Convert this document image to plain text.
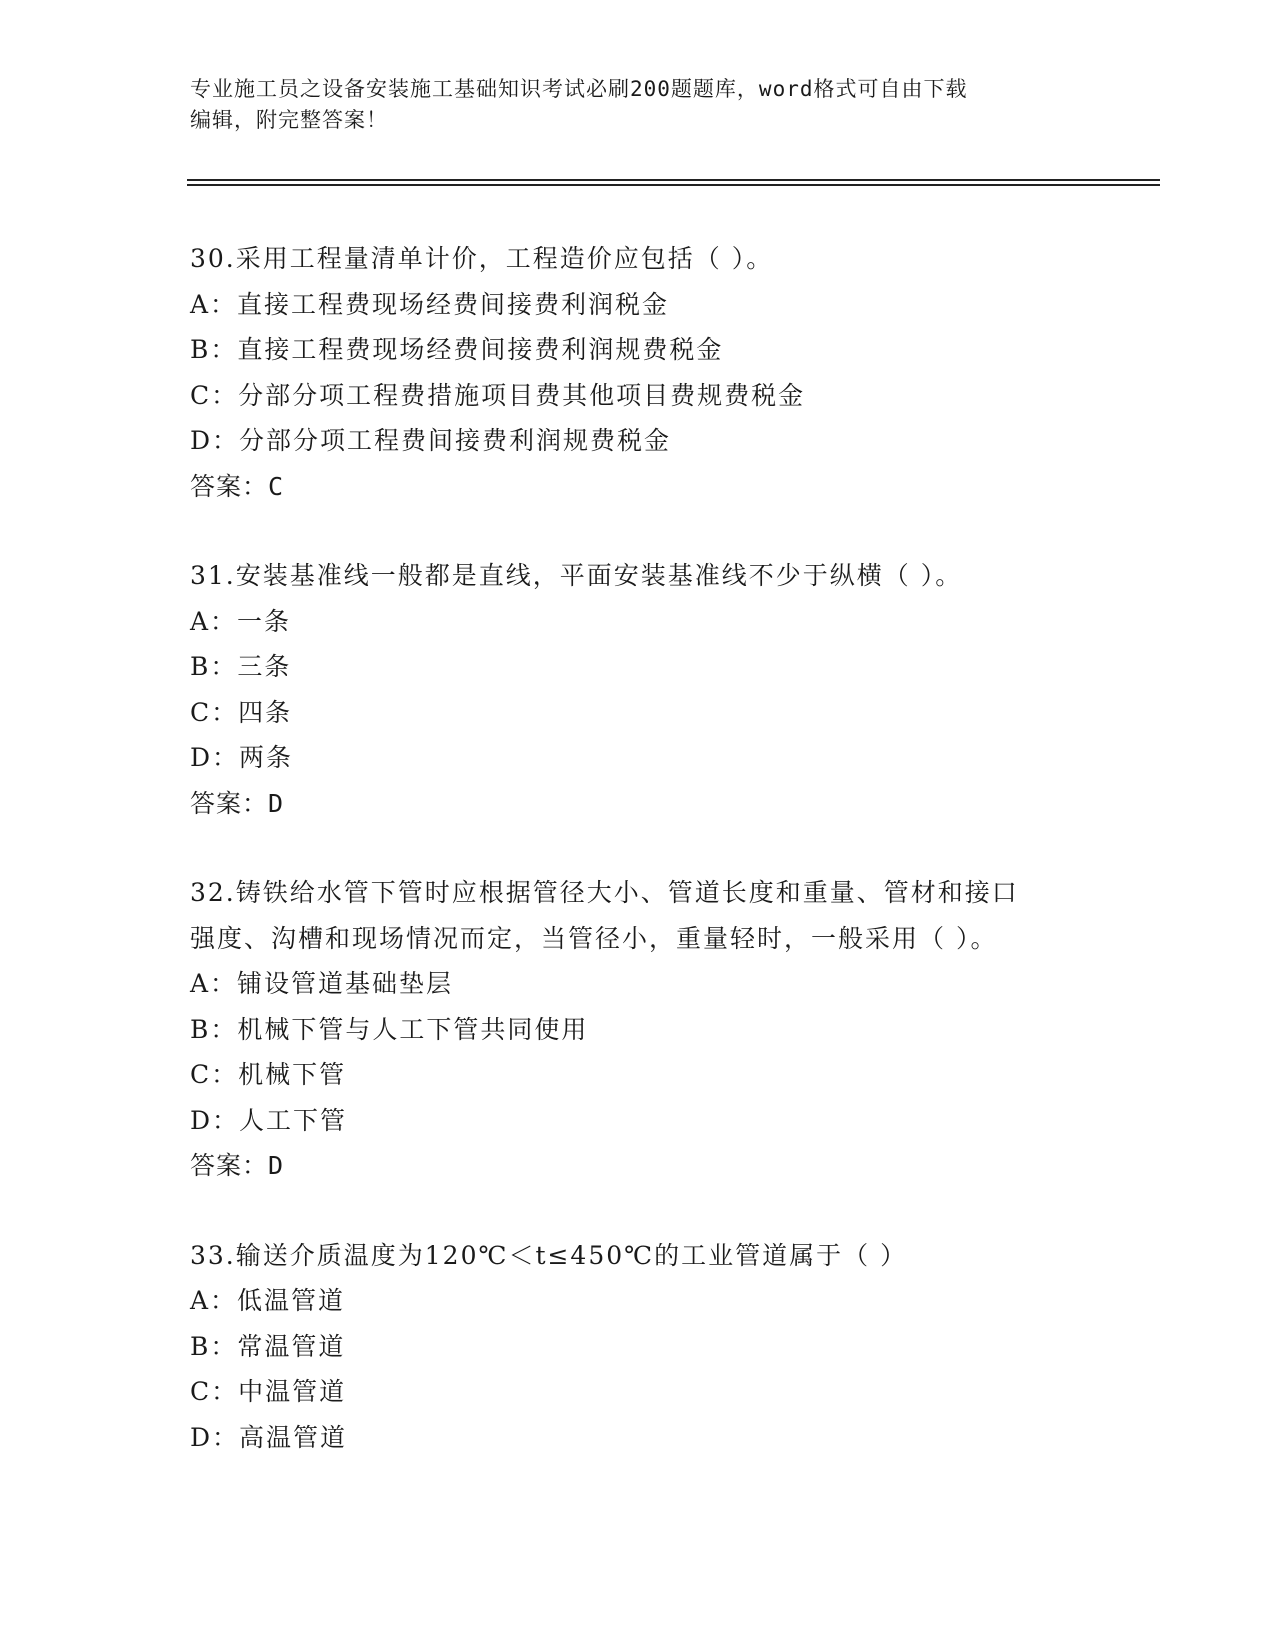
专业施工员之设备安装施工基础知识考试必刷200题题库，word格式可自由下载
编辑，附完整答案！
30.采用工程量清单计价，工程造价应包括（ ）。
A：直接工程费现场经费间接费利润税金
B：直接工程费现场经费间接费利润规费税金
C：分部分项工程费措施项目费其他项目费规费税金
D：分部分项工程费间接费利润规费税金
答案：C
31.安装基准线一般都是直线，平面安装基准线不少于纵横（ ）。
A：一条
B：三条
C：四条
D：两条
答案：D
32.铸铁给水管下管时应根据管径大小、管道长度和重量、管材和接口
强度、沟槽和现场情况而定，当管径小，重量轻时，一般采用（ ）。
A：铺设管道基础垫层
B：机械下管与人工下管共同使用
C：机械下管
D：人工下管
答案：D
33.输送介质温度为120℃＜t≤450℃的工业管道属于（ ）
A：低温管道
B：常温管道
C：中温管道
D：高温管道
